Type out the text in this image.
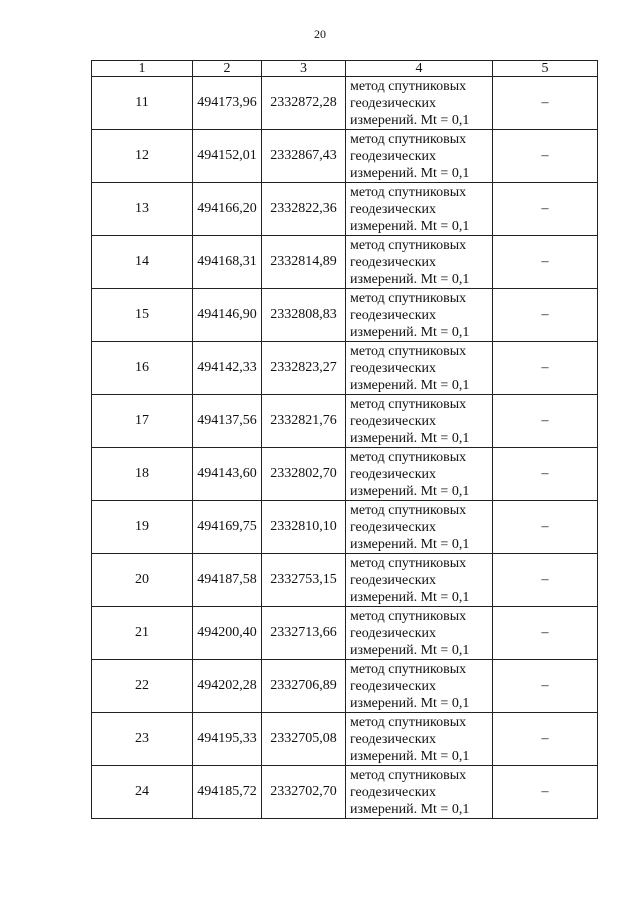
20
1	2	3	4	5
11	494173,96	2332872,28	метод спутниковых
геодезических
измерений. Mt = 0,1	–
12	494152,01	2332867,43	метод спутниковых
геодезических
измерений. Mt = 0,1	–
13	494166,20	2332822,36	метод спутниковых
геодезических
измерений. Mt = 0,1	–
14	494168,31	2332814,89	метод спутниковых
геодезических
измерений. Mt = 0,1	–
15	494146,90	2332808,83	метод спутниковых
геодезических
измерений. Mt = 0,1	–
16	494142,33	2332823,27	метод спутниковых
геодезических
измерений. Mt = 0,1	–
17	494137,56	2332821,76	метод спутниковых
геодезических
измерений. Mt = 0,1	–
18	494143,60	2332802,70	метод спутниковых
геодезических
измерений. Mt = 0,1	–
19	494169,75	2332810,10	метод спутниковых
геодезических
измерений. Mt = 0,1	–
20	494187,58	2332753,15	метод спутниковых
геодезических
измерений. Mt = 0,1	–
21	494200,40	2332713,66	метод спутниковых
геодезических
измерений. Mt = 0,1	–
22	494202,28	2332706,89	метод спутниковых
геодезических
измерений. Mt = 0,1	–
23	494195,33	2332705,08	метод спутниковых
геодезических
измерений. Mt = 0,1	–
24	494185,72	2332702,70	метод спутниковых
геодезических
измерений. Mt = 0,1	–
